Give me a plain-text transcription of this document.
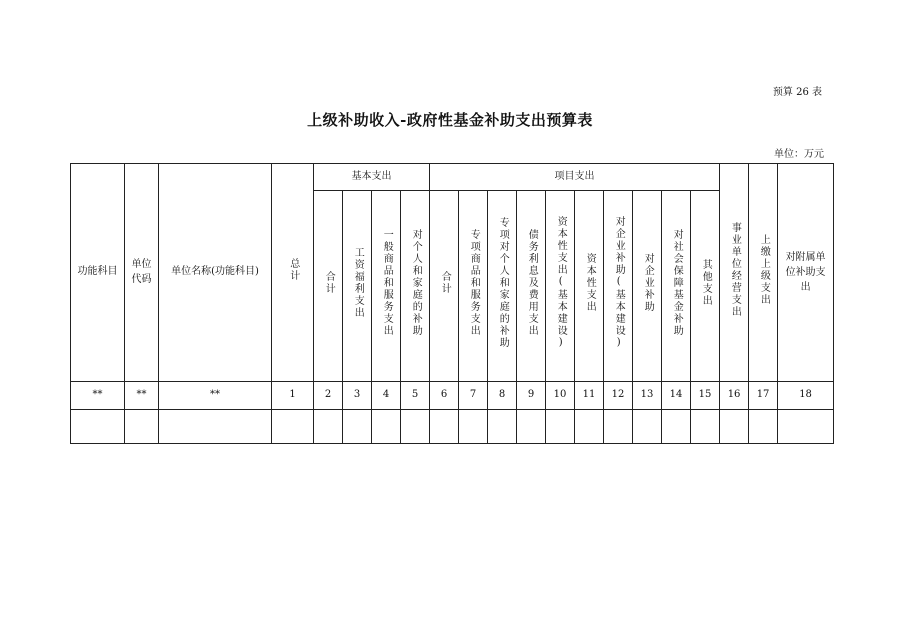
预算 26 表
上级补助收入-政府性基金补助支出预算表
单位：万元
功能科目	单位代码	单位名称(功能科目)	总计	基本支出				项目支出										事业单位经营支出	上缴上级支出	对附属单位补助支出
				合计	工资福利支出	一般商品和服务支出	对个人和家庭的补助	合计	专项商品和服务支出	专项对个人和家庭的补助	债务利息及费用支出	资本性支出(基本建设)	资本性支出	对企业补助(基本建设)	对企业补助	对社会保障基金补助	其他支出			
**	**	**	1	2	3	4	5	6	7	8	9	10	11	12	13	14	15	16	17	18
